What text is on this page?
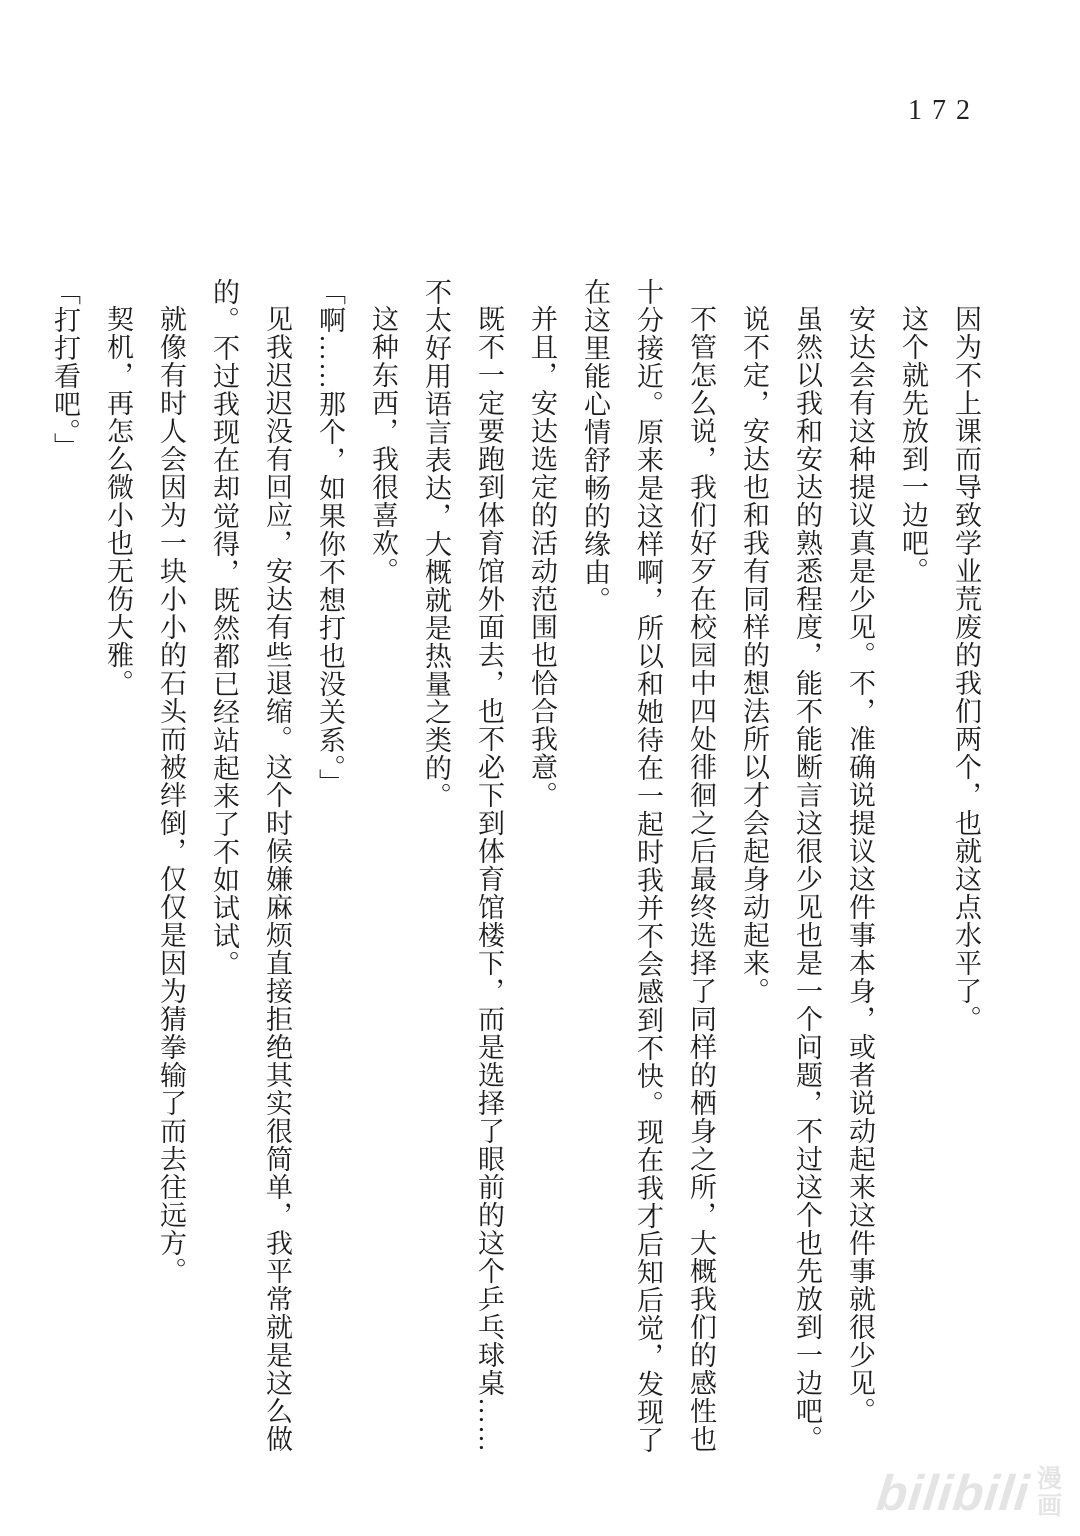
172

因为不上课而导致学业荒废的我们两个，也就这点水平了。

这个就先放到一边吧。

安达会有这种提议真是少见。不，准确说提议这件事本身，或者说动起来这件事就很少见。

虽然以我和安达的熟悉程度，能不能断言这很少见也是一个问题，不过这个也先放到一边吧。

说不定，安达也和我有同样的想法所以才会起身动起来。

不管怎么说，我们好歹在校园中四处徘徊之后最终选择了同样的栖身之所，大概我们的感性也十分接近。原来是这样啊，所以和她待在一起时我并不会感到不快。现在我才后知后觉，发现了在这里能心情舒畅的缘由。

并且，安达选定的活动范围也恰合我意。

既不一定要跑到体育馆外面去，也不必下到体育馆楼下，而是选择了眼前的这个乒乓球桌……不太好用语言表达，大概就是热量之类的。

这种东西，我很喜欢。

「啊……那个，如果你不想打也没关系。」

见我迟迟没有回应，安达有些退缩。这个时候嫌麻烦直接拒绝其实很简单，我平常就是这么做的。不过我现在却觉得，既然都已经站起来了不如试试。

就像有时人会因为一块小小的石头而被绊倒，仅仅是因为猜拳输了而去往远方。

契机，再怎么微小也无伤大雅。

「打打看吧。」

bilibili 漫
画
